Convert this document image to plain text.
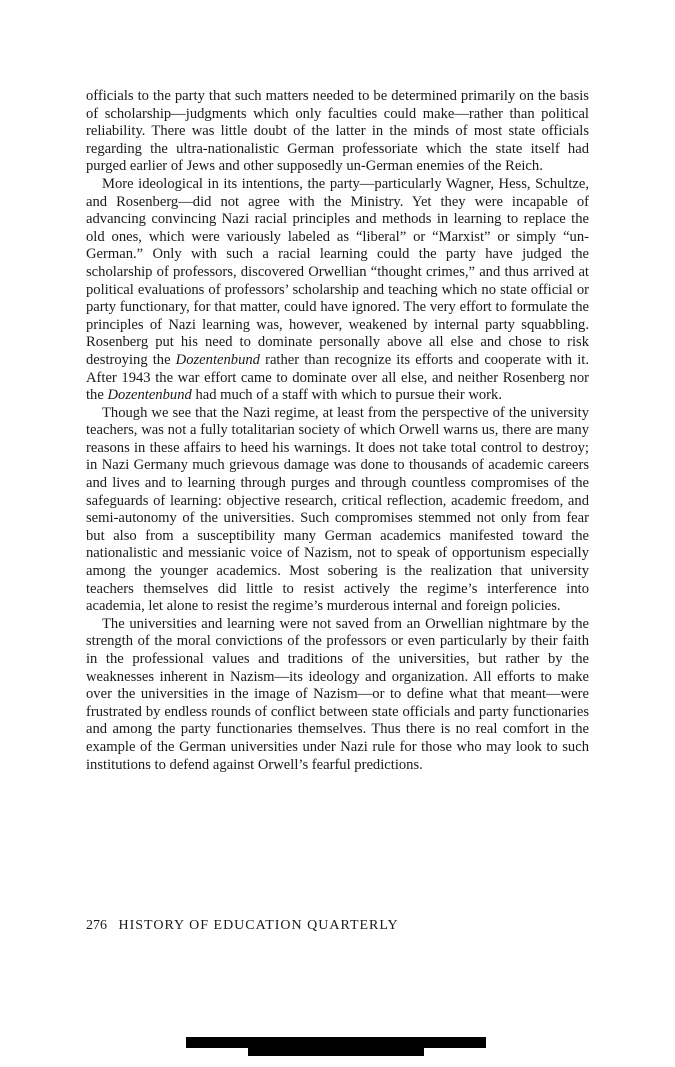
officials to the party that such matters needed to be determined primarily on the basis of scholarship—judgments which only faculties could make—rather than political reliability. There was little doubt of the latter in the minds of most state officials regarding the ultra-nationalistic German professoriate which the state itself had purged earlier of Jews and other supposedly un-German enemies of the Reich.

More ideological in its intentions, the party—particularly Wagner, Hess, Schultze, and Rosenberg—did not agree with the Ministry. Yet they were incapable of advancing convincing Nazi racial principles and methods in learning to replace the old ones, which were variously labeled as “liberal” or “Marxist” or simply “un-German.” Only with such a racial learning could the party have judged the scholarship of professors, discovered Orwellian “thought crimes,” and thus arrived at political evaluations of professors’ scholarship and teaching which no state official or party functionary, for that matter, could have ignored. The very effort to formulate the principles of Nazi learning was, however, weakened by internal party squabbling. Rosenberg put his need to dominate personally above all else and chose to risk destroying the Dozentenbund rather than recognize its efforts and cooperate with it. After 1943 the war effort came to dominate over all else, and neither Rosenberg nor the Dozentenbund had much of a staff with which to pursue their work.

Though we see that the Nazi regime, at least from the perspective of the university teachers, was not a fully totalitarian society of which Orwell warns us, there are many reasons in these affairs to heed his warnings. It does not take total control to destroy; in Nazi Germany much grievous damage was done to thousands of academic careers and lives and to learning through purges and through countless compromises of the safeguards of learning: objective research, critical reflection, academic freedom, and semi-autonomy of the universities. Such compromises stemmed not only from fear but also from a susceptibility many German academics manifested toward the nationalistic and messianic voice of Nazism, not to speak of opportunism especially among the younger academics. Most sobering is the realization that university teachers themselves did little to resist actively the regime’s interference into academia, let alone to resist the regime’s murderous internal and foreign policies.

The universities and learning were not saved from an Orwellian nightmare by the strength of the moral convictions of the professors or even particularly by their faith in the professional values and traditions of the universities, but rather by the weaknesses inherent in Nazism—its ideology and organization. All efforts to make over the universities in the image of Nazism—or to define what that meant—were frustrated by endless rounds of conflict between state officials and party functionaries and among the party functionaries themselves. Thus there is no real comfort in the example of the German universities under Nazi rule for those who may look to such institutions to defend against Orwell’s fearful predictions.

276 HISTORY OF EDUCATION QUARTERLY
